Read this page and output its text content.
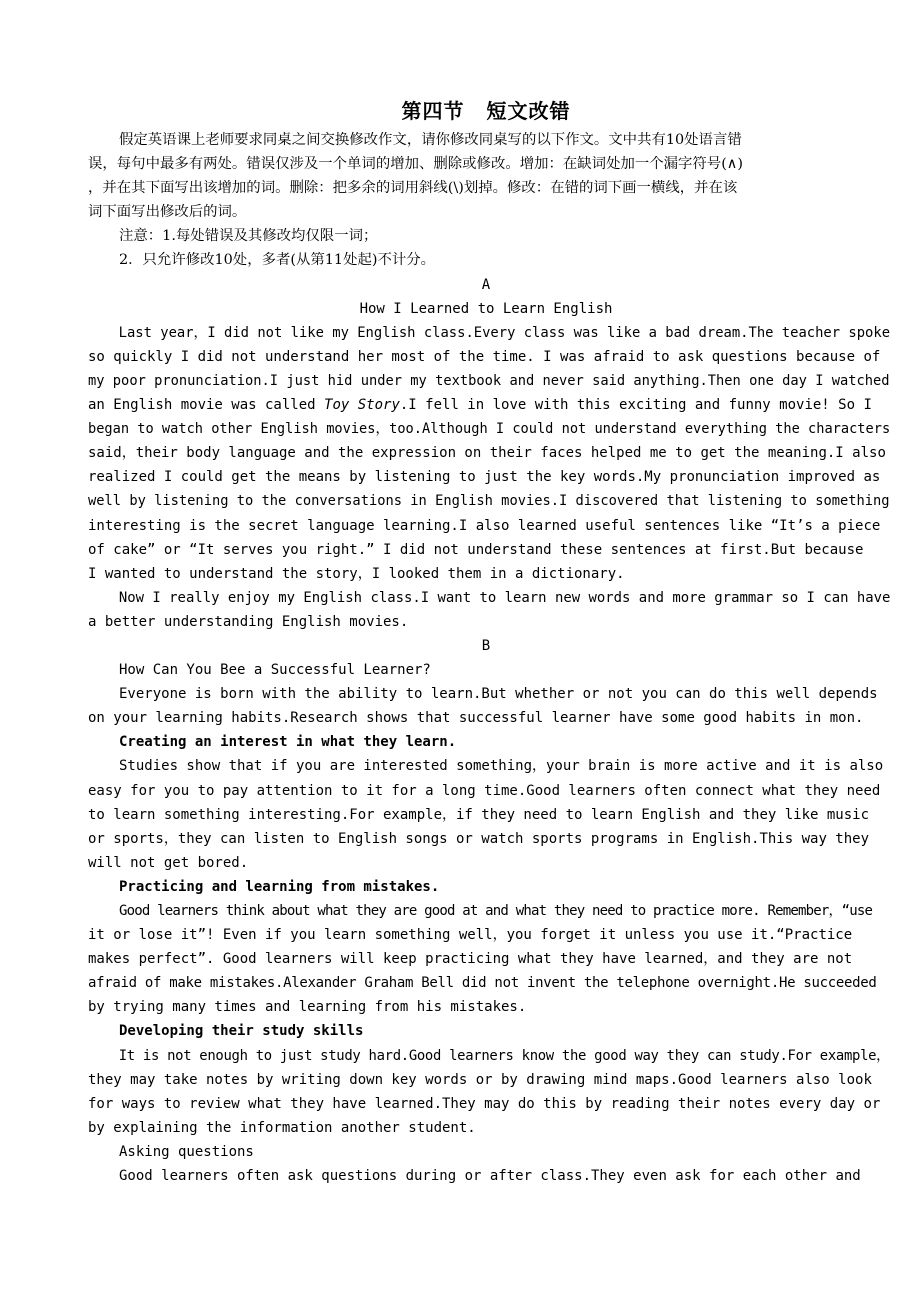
第四节 短文改错
假定英语课上老师要求同桌之间交换修改作文，请你修改同桌写的以下作文。文中共有10处语言错
误，每句中最多有两处。错误仅涉及一个单词的增加、删除或修改。增加：在缺词处加一个漏字符号(∧)
，并在其下面写出该增加的词。删除：把多余的词用斜线(\)划掉。修改：在错的词下画一横线，并在该
词下面写出修改后的词。
注意：1.每处错误及其修改均仅限一词；
2．只允许修改10处，多者(从第11处起)不计分。
A
How I Learned to Learn English
Last year，I did not like my English class.Every class was like a bad dream.The teacher spoke
so quickly I did not understand her most of the time. I was afraid to ask questions because of
my poor pronunciation.I just hid under my textbook and never said anything.Then one day I watched
an English movie was called Toy Story.I fell in love with this exciting and funny movie! So I
began to watch other English movies，too.Although I could not understand everything the characters
said，their body language and the expression on their faces helped me to get the meaning.I also
realized I could get the means by listening to just the key words.My pronunciation improved as
well by listening to the conversations in English movies.I discovered that listening to something
interesting is the secret language learning.I also learned useful sentences like “It’s a piece
of cake” or “It serves you right.” I did not understand these sentences at first.But because
I wanted to understand the story，I looked them in a dictionary.
Now I really enjoy my English class.I want to learn new words and more grammar so I can have
a better understanding English movies.
B
How Can You Bee a Successful Learner?
Everyone is born with the ability to learn.But whether or not you can do this well depends
on your learning habits.Research shows that successful learner have some good habits in mon.
Creating an interest in what they learn.
Studies show that if you are interested something，your brain is more active and it is also
easy for you to pay attention to it for a long time.Good learners often connect what they need
to learn something interesting.For example，if they need to learn English and they like music
or sports，they can listen to English songs or watch sports programs in English.This way they
will not get bored.
Practicing and learning from mistakes.
Good learners think about what they are good at and what they need to practice more. Remember，“use
it or lose it”! Even if you learn something well，you forget it unless you use it.“Practice
makes perfect”. Good learners will keep practicing what they have learned，and they are not
afraid of make mistakes.Alexander Graham Bell did not invent the telephone overnight.He succeeded
by trying many times and learning from his mistakes.
Developing their study skills
It is not enough to just study hard.Good learners know the good way they can study.For example，
they may take notes by writing down key words or by drawing mind maps.Good learners also look
for ways to review what they have learned.They may do this by reading their notes every day or
by explaining the information another student.
Asking questions
Good learners often ask questions during or after class.They even ask for each other and
